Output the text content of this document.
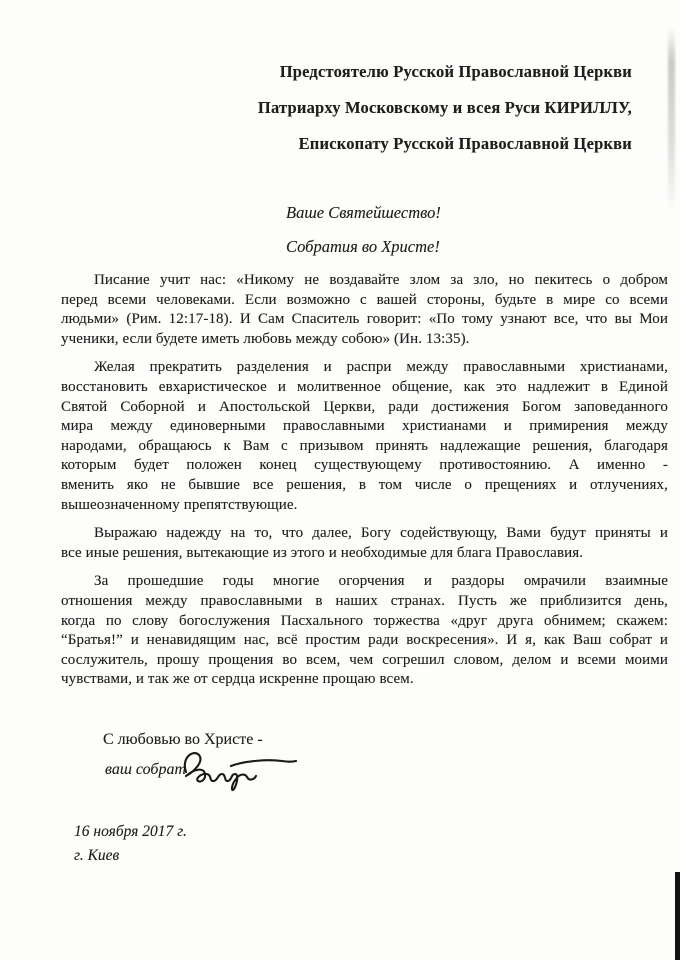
Предстоятелю Русской Православной Церкви
Патриарху Московскому и всея Руси КИРИЛЛУ,
Епископату Русской Православной Церкви
Ваше Святейшество!
Собратия во Христе!

Писание учит нас: «Никому не воздавайте злом за зло, но пекитесь о добром
перед всеми человеками. Если возможно с вашей стороны, будьте в мире со всеми
людьми» (Рим. 12:17-18). И Сам Спаситель говорит: «По тому узнают все, что вы Мои
ученики, если будете иметь любовь между собою» (Ин. 13:35).

Желая прекратить разделения и распри между православными христианами,
восстановить евхаристическое и молитвенное общение, как это надлежит в Единой
Святой Соборной и Апостольской Церкви, ради достижения Богом заповеданного
мира между единоверными православными христианами и примирения между
народами, обращаюсь к Вам с призывом принять надлежащие решения, благодаря
которым будет положен конец существующему противостоянию. А именно -
вменить яко не бывшие все решения, в том числе о прещениях и отлучениях,
вышеозначенному препятствующие.

Выражаю надежду на то, что далее, Богу содействующу, Вами будут приняты и
все иные решения, вытекающие из этого и необходимые для блага Православия.

За прошедшие годы многие огорчения и раздоры омрачили взаимные
отношения между православными в наших странах. Пусть же приблизится день,
когда по слову богослужения Пасхального торжества «друг друга обнимем; скажем:
“Братья!” и ненавидящим нас, всё простим ради воскресения». И я, как Ваш собрат и
сослужитель, прошу прощения во всем, чем согрешил словом, делом и всеми моими
чувствами, и так же от сердца искренне прощаю всем.

С любовью во Христе -
ваш собрат
16 ноября 2017 г.
г. Киев
